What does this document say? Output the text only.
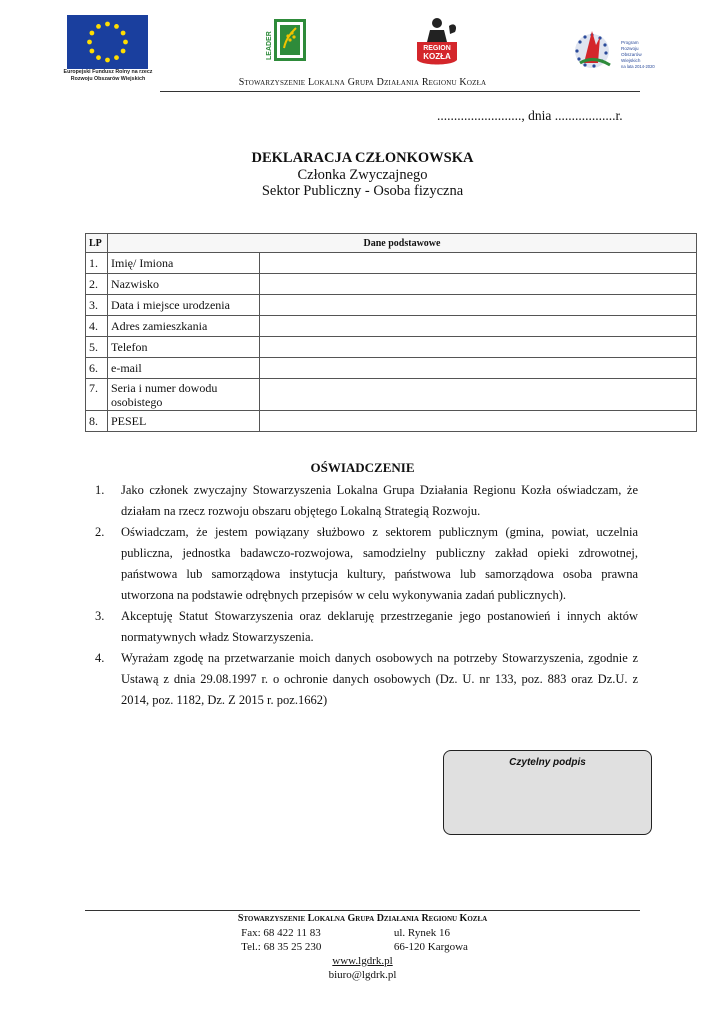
Europejski Fundusz Rolny na rzecz
Rozwoju Obszarów Wiejskich
LEADER	REGION
KOZŁA
Program
Rozwoju
Obszarów
Wiejskich
na lata 2014-2020
Stowarzyszenie Lokalna Grupa Działania Regionu Kozła
........................., dnia ..................r.
DEKLARACJA CZŁONKOWSKA
Członka Zwyczajnego
Sektor Publiczny - Osoba fizyczna
LP	Dane podstawowe	
1.	Imię/ Imiona	
2.	Nazwisko	
3.	Data i miejsce urodzenia	
4.	Adres zamieszkania	
5.	Telefon	
6.	e-mail	
7.	Seria i numer dowodu osobistego	
8.	PESEL	
OŚWIADCZENIE
1. Jako członek zwyczajny Stowarzyszenia Lokalna Grupa Działania Regionu Kozła oświadczam, że działam na rzecz rozwoju obszaru objętego Lokalną Strategią Rozwoju.
2. Oświadczam, że jestem powiązany służbowo z sektorem publicznym (gmina, powiat, uczelnia publiczna, jednostka badawczo-rozwojowa, samodzielny publiczny zakład opieki zdrowotnej, państwowa lub samorządowa instytucja kultury, państwowa lub samorządowa osoba prawna utworzona na podstawie odrębnych przepisów w celu wykonywania zadań publicznych).
3. Akceptuję Statut Stowarzyszenia oraz deklaruję przestrzeganie jego postanowień i innych aktów normatywnych władz Stowarzyszenia.
4. Wyrażam zgodę na przetwarzanie moich danych osobowych na potrzeby Stowarzyszenia, zgodnie z Ustawą z dnia 29.08.1997 r. o ochronie danych osobowych (Dz. U. nr 133, poz. 883 oraz Dz.U. z 2014, poz. 1182, Dz. Z 2015 r. poz.1662)
Czytelny podpis
Stowarzyszenie Lokalna Grupa Działania Regionu Kozła
Fax: 68 422 11 83	ul. Rynek 16
Tel.: 68 35 25 230	66-120 Kargowa
www.lgdrk.pl
biuro@lgdrk.pl
